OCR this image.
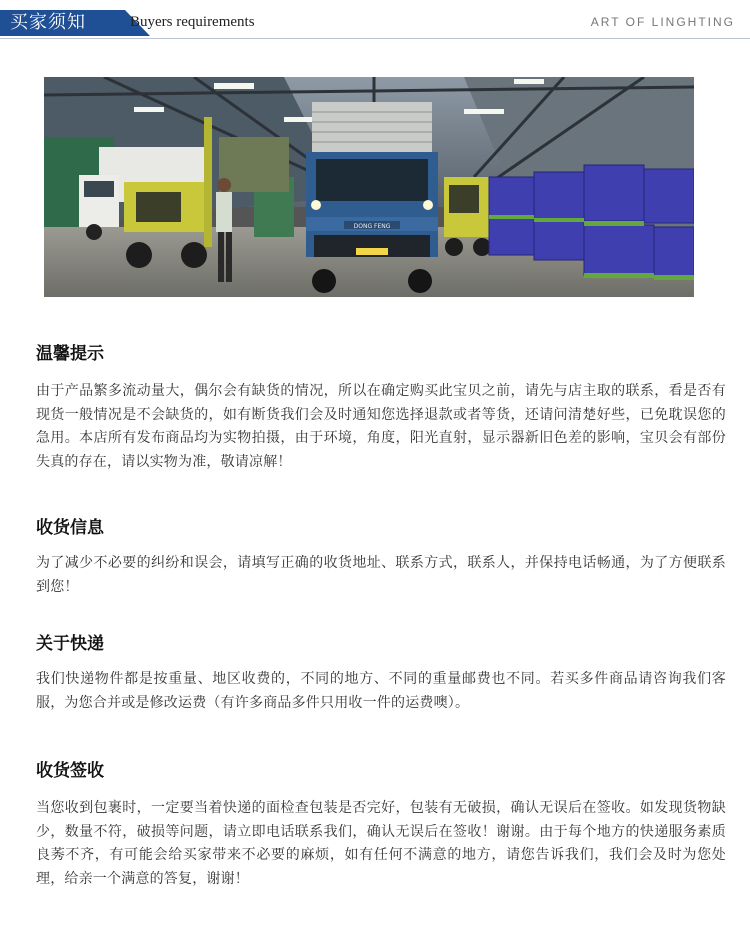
买家须知	Buyers requirements	ART OF LINGHTING
DONG FENG
温馨提示

由于产品繁多流动量大，偶尔会有缺货的情况，所以在确定购买此宝贝之前，请先与店主取的联系，看是否有现货一般情况是不会缺货的，如有断货我们会及时通知您选择退款或者等货，还请问清楚好些，已免耽误您的急用。本店所有发布商品均为实物拍摄，由于环境，角度，阳光直射，显示器新旧色差的影响，宝贝会有部份失真的存在，请以实物为准，敬请凉解！

收货信息

为了减少不必要的纠纷和误会，请填写正确的收货地址、联系方式，联系人，并保持电话畅通，为了方便联系到您！

关于快递

我们快递物件都是按重量、地区收费的，不同的地方、不同的重量邮费也不同。若买多件商品请咨询我们客服，为您合并或是修改运费（有许多商品多件只用收一件的运费噢）。

收货签收

当您收到包裹时，一定要当着快递的面检查包装是否完好，包装有无破损，确认无误后在签收。如发现货物缺少，数量不符，破损等问题，请立即电话联系我们，确认无误后在签收！谢谢。由于每个地方的快递服务素质良莠不齐，有可能会给买家带来不必要的麻烦，如有任何不满意的地方，请您告诉我们，我们会及时为您处理，给亲一个满意的答复，谢谢！
